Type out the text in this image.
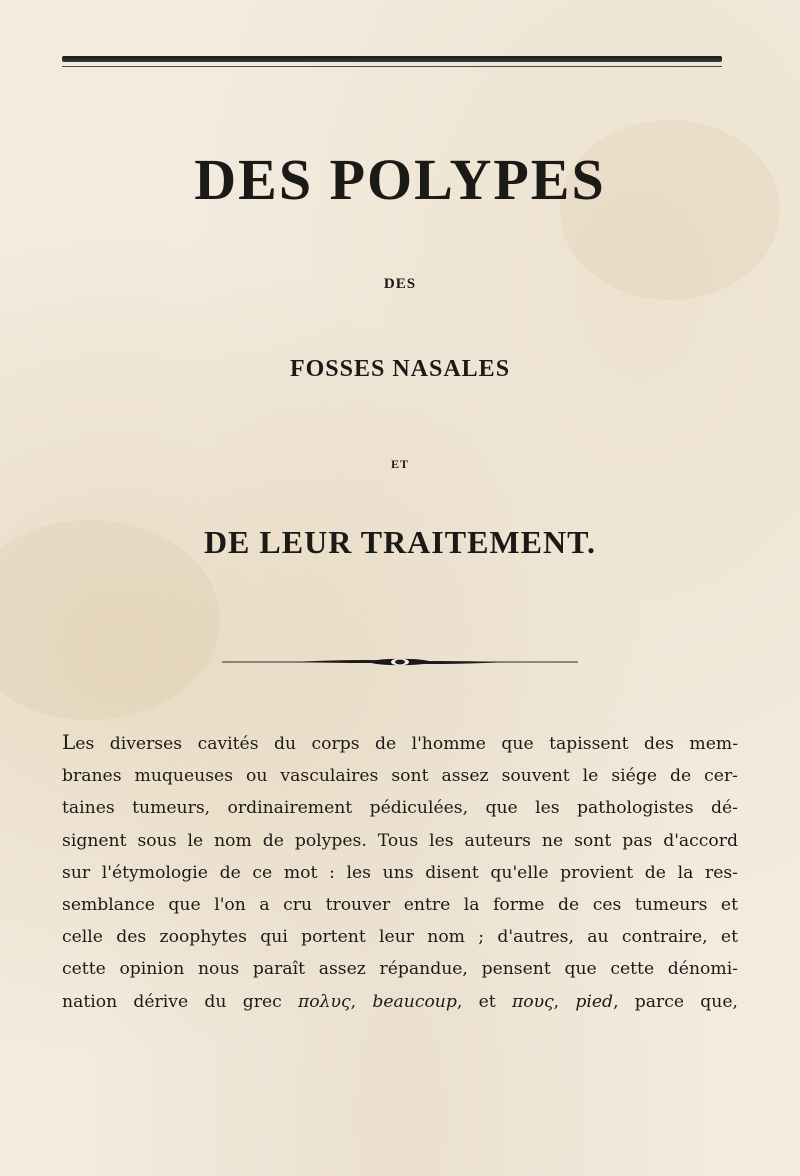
DES POLYPES
DES
FOSSES NASALES
ET
DE LEUR TRAITEMENT.
Les diverses cavités du corps de l'homme que tapissent des mem-
branes muqueuses ou vasculaires sont assez souvent le siége de cer-
taines tumeurs, ordinairement pédiculées, que les pathologistes dé-
signent sous le nom de polypes. Tous les auteurs ne sont pas d'accord
sur l'étymologie de ce mot : les uns disent qu'elle provient de la res-
semblance que l'on a cru trouver entre la forme de ces tumeurs et
celle des zoophytes qui portent leur nom ; d'autres, au contraire, et
cette opinion nous paraît assez répandue, pensent que cette dénomi-
nation dérive du grec πολυς, beaucoup, et πους, pied, parce que,
